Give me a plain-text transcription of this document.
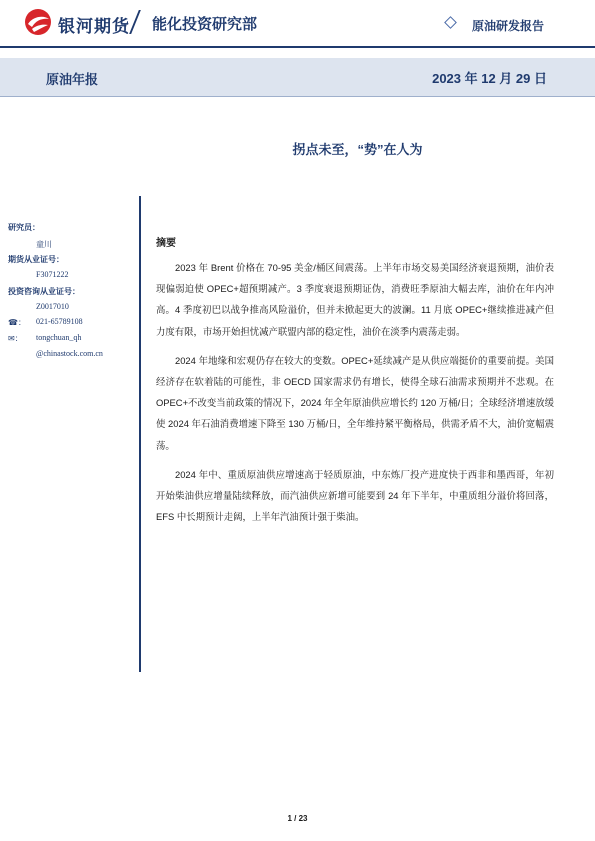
银河期货 能化投资研究部	原油研发报告
原油年报	2023 年 12 月 29 日
拐点未至，“势”在人为
研究员：
童川
期货从业证号：
F3071222
投资咨询从业证号：
Z0017010
☎： 021-65789108
✉： tongchuan_qh
@chinastock.com.cn
摘要

2023 年 Brent 价格在 70-95 美金/桶区间震荡。上半年市场交易美国经济衰退预期，油价表现偏弱迫使 OPEC+超预期减产。3 季度衰退预期证伪，消费旺季原油大幅去库，油价在年内冲高。4 季度初巴以战争推高风险溢价，但并未掀起更大的波澜。11 月底 OPEC+继续推进减产但力度有限，市场开始担忧减产联盟内部的稳定性，油价在淡季内震荡走弱。

2024 年地缘和宏观仍存在较大的变数。OPEC+延续减产是从供应端挺价的重要前提。美国经济存在软着陆的可能性，非 OECD 国家需求仍有增长，使得全球石油需求预期并不悲观。在 OPEC+不改变当前政策的情况下，2024 年全年原油供应增长约 120 万桶/日；全球经济增速放缓使 2024 年石油消费增速下降至 130 万桶/日，全年维持紧平衡格局，供需矛盾不大，油价宽幅震荡。

2024 年中、重质原油供应增速高于轻质原油，中东炼厂投产进度快于西非和墨西哥，年初开始柴油供应增量陆续释放，而汽油供应新增可能要到 24 年下半年，中重质组分溢价将回落，EFS 中长期预计走阔，上半年汽油预计强于柴油。

1 / 23
